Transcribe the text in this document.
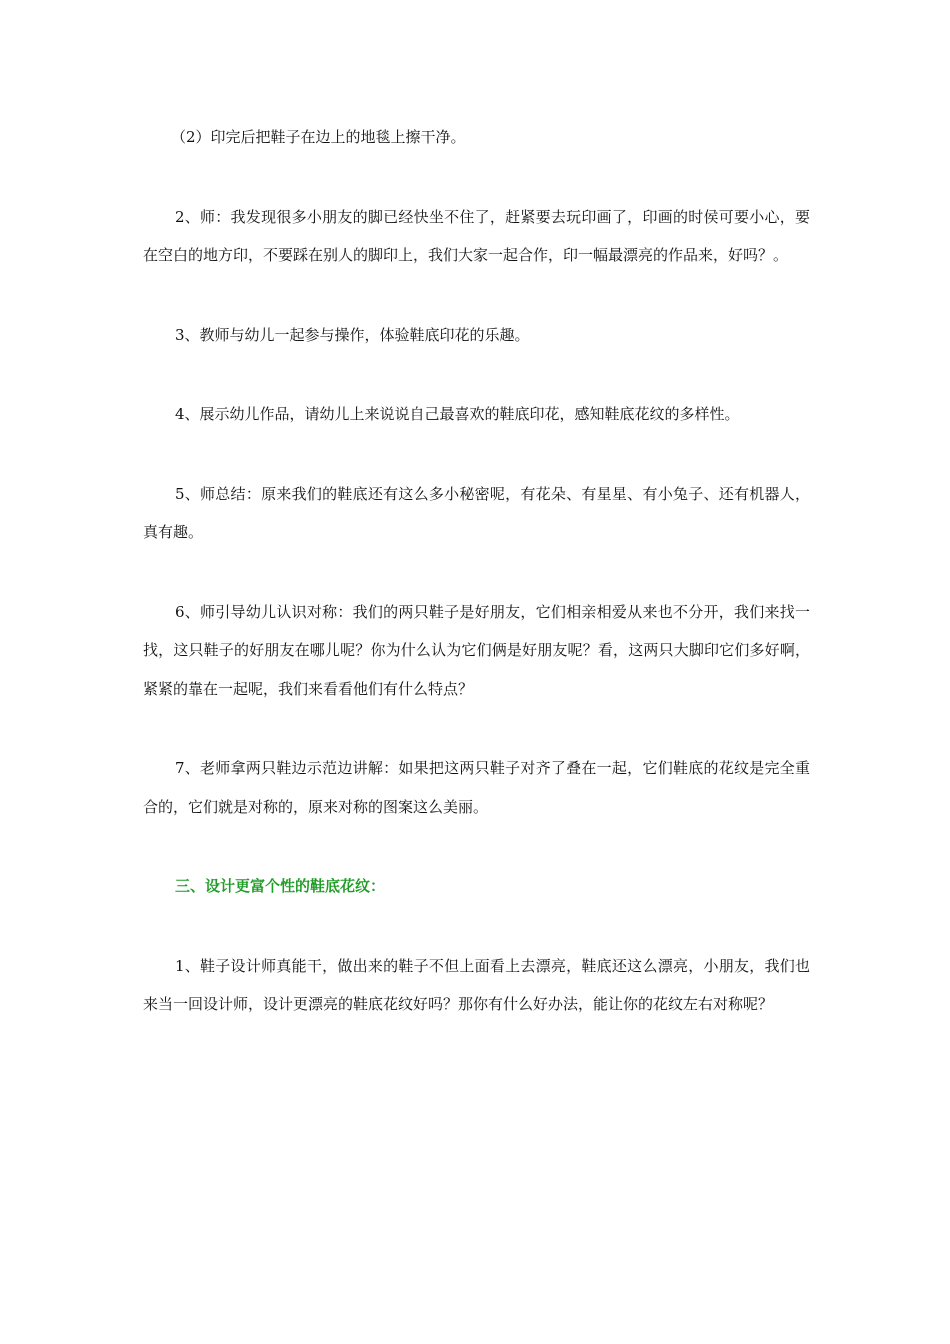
（2）印完后把鞋子在边上的地毯上擦干净。

2、师：我发现很多小朋友的脚已经快坐不住了，赶紧要去玩印画了，印画的时侯可要小心，要在空白的地方印，不要踩在别人的脚印上，我们大家一起合作，印一幅最漂亮的作品来，好吗？。

3、教师与幼儿一起参与操作，体验鞋底印花的乐趣。

4、展示幼儿作品，请幼儿上来说说自己最喜欢的鞋底印花，感知鞋底花纹的多样性。

5、师总结：原来我们的鞋底还有这么多小秘密呢，有花朵、有星星、有小兔子、还有机器人，真有趣。

6、师引导幼儿认识对称：我们的两只鞋子是好朋友，它们相亲相爱从来也不分开，我们来找一找，这只鞋子的好朋友在哪儿呢？你为什么认为它们俩是好朋友呢？看，这两只大脚印它们多好啊，紧紧的靠在一起呢，我们来看看他们有什么特点？

7、老师拿两只鞋边示范边讲解：如果把这两只鞋子对齐了叠在一起，它们鞋底的花纹是完全重合的，它们就是对称的，原来对称的图案这么美丽。

三、设计更富个性的鞋底花纹：

1、鞋子设计师真能干，做出来的鞋子不但上面看上去漂亮，鞋底还这么漂亮，小朋友，我们也来当一回设计师，设计更漂亮的鞋底花纹好吗？那你有什么好办法，能让你的花纹左右对称呢？
